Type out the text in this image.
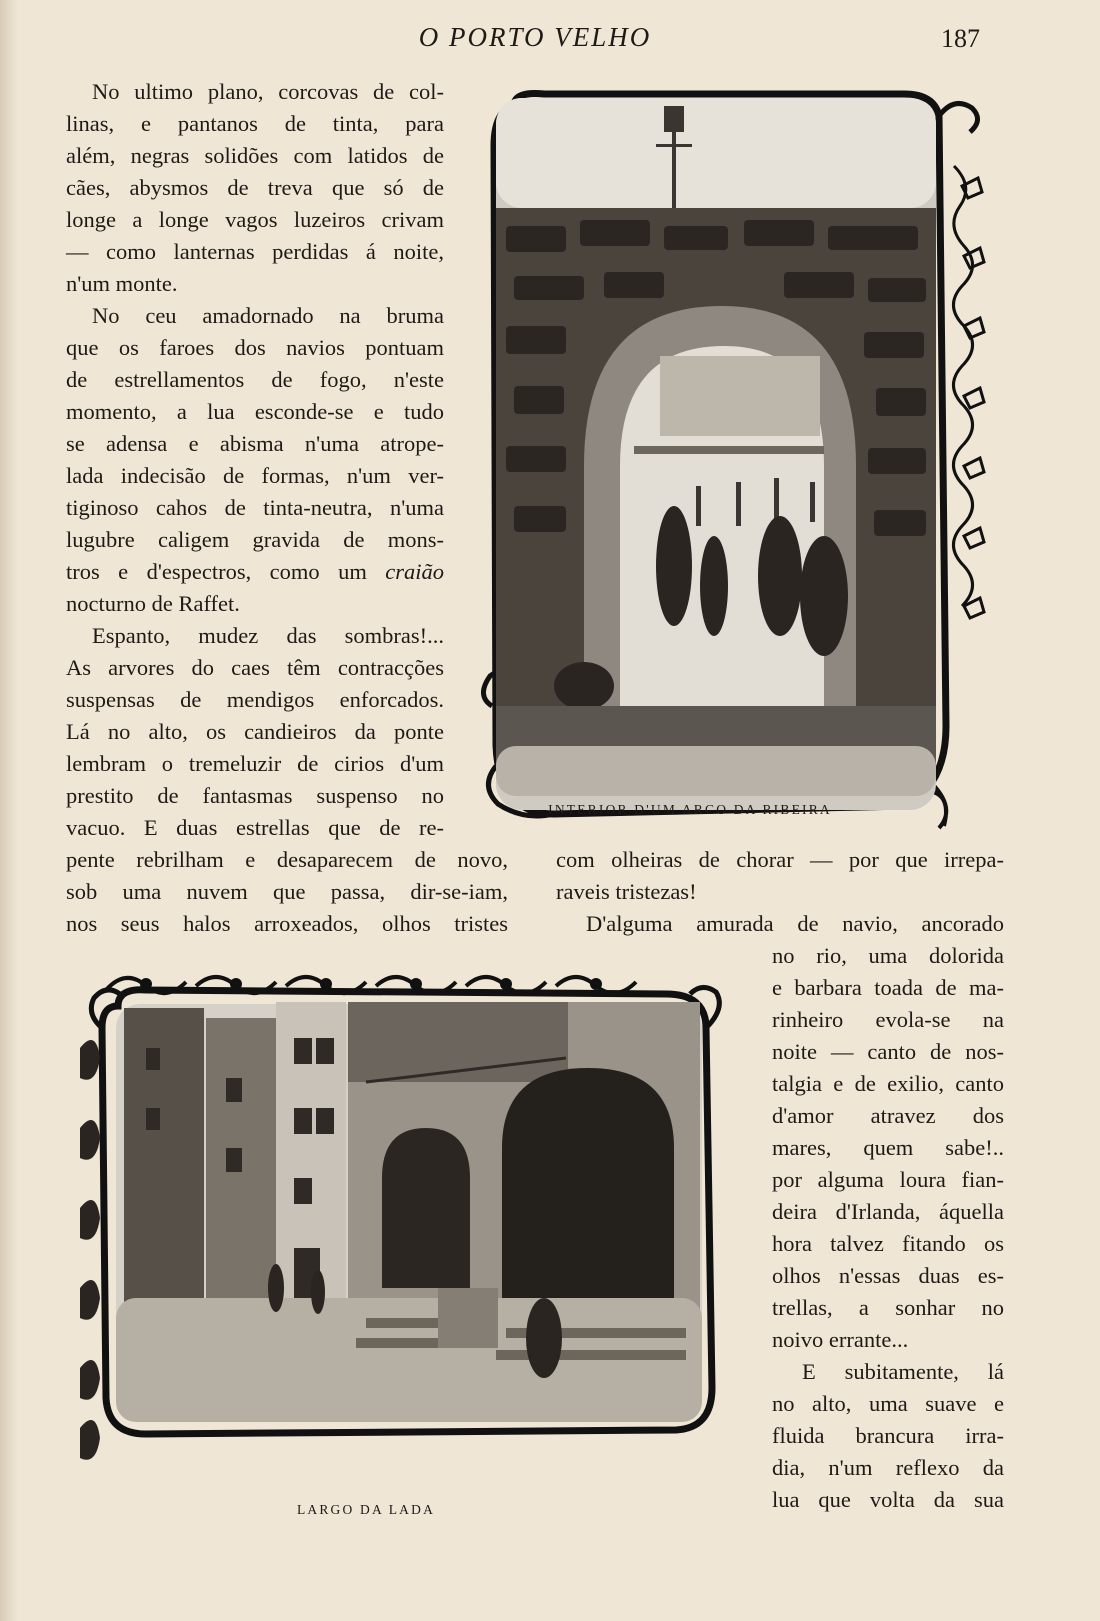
O PORTO VELHO	187
No ultimo plano, corcovas de col-
linas, e pantanos de tinta, para
além, negras solidões com latidos de
cães, abysmos de treva que só de
longe a longe vagos luzeiros crivam
— como lanternas perdidas á noite,
n'um monte.
No ceu amadornado na bruma
que os faroes dos navios pontuam
de estrellamentos de fogo, n'este
momento, a lua esconde-se e tudo
se adensa e abisma n'uma atrope-
lada indecisão de formas, n'um ver-
tiginoso cahos de tinta-neutra, n'uma
lugubre caligem gravida de mons-
tros e d'espectros, como um craião
nocturno de Raffet.
Espanto, mudez das sombras!...
As arvores do caes têm contracções
suspensas de mendigos enforcados.
Lá no alto, os candieiros da ponte
lembram o tremeluzir de cirios d'um
prestito de fantasmas suspenso no
vacuo. E duas estrellas que de re-
pente rebrilham e desaparecem de novo,
sob uma nuvem que passa, dir-se-iam,
nos seus halos arroxeados, olhos tristes
com olheiras de chorar — por que irrepa-
raveis tristezas!
D'alguma amurada de navio, ancorado
no rio, uma dolorida
e barbara toada de ma-
rinheiro evola-se na
noite — canto de nos-
talgia e de exilio, canto
d'amor atravez dos
mares, quem sabe!..
por alguma loura fian-
deira d'Irlanda, áquella
hora talvez fitando os
olhos n'essas duas es-
trellas, a sonhar no
noivo errante...
E subitamente, lá
no alto, uma suave e
fluida brancura irra-
dia, n'um reflexo da
lua que volta da sua
INTERIOR D'UM ARCO DA RIBEIRA
LARGO DA LADA
